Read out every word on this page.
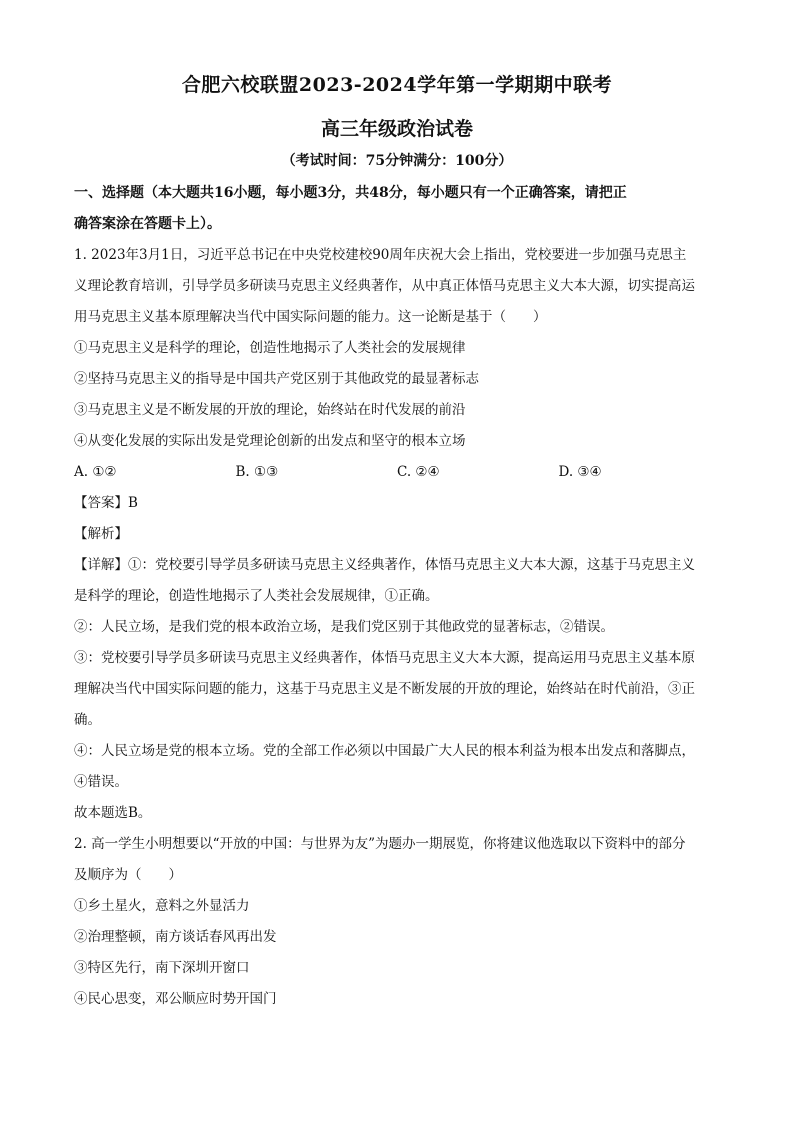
合肥六校联盟2023-2024学年第一学期期中联考
高三年级政治试卷
（考试时间：75分钟满分：100分）

一、选择题（本大题共16小题，每小题3分，共48分，每小题只有一个正确答案，请把正

确答案涂在答题卡上）。

1. 2023年3月1日，习近平总书记在中央党校建校90周年庆祝大会上指出，党校要进一步加强马克思主

义理论教育培训，引导学员多研读马克思主义经典著作，从中真正体悟马克思主义大本大源，切实提高运

用马克思主义基本原理解决当代中国实际问题的能力。这一论断是基于（　　）

①马克思主义是科学的理论，创造性地揭示了人类社会的发展规律

②坚持马克思主义的指导是中国共产党区别于其他政党的最显著标志

③马克思主义是不断发展的开放的理论，始终站在时代发展的前沿

④从变化发展的实际出发是党理论创新的出发点和坚守的根本立场

A. ①②	B. ①③	C. ②④	D. ③④

【答案】B

【解析】

【详解】①：党校要引导学员多研读马克思主义经典著作，体悟马克思主义大本大源，这基于马克思主义

是科学的理论，创造性地揭示了人类社会发展规律，①正确。

②：人民立场，是我们党的根本政治立场，是我们党区别于其他政党的显著标志，②错误。

③：党校要引导学员多研读马克思主义经典著作，体悟马克思主义大本大源，提高运用马克思主义基本原

理解决当代中国实际问题的能力，这基于马克思主义是不断发展的开放的理论，始终站在时代前沿，③正

确。

④：人民立场是党的根本立场。党的全部工作必须以中国最广大人民的根本利益为根本出发点和落脚点，

④错误。

故本题选B。

2. 高一学生小明想要以“开放的中国：与世界为友”为题办一期展览，你将建议他选取以下资料中的部分

及顺序为（　　）

①乡土星火，意料之外显活力

②治理整顿，南方谈话春风再出发

③特区先行，南下深圳开窗口

④民心思变，邓公顺应时势开国门
